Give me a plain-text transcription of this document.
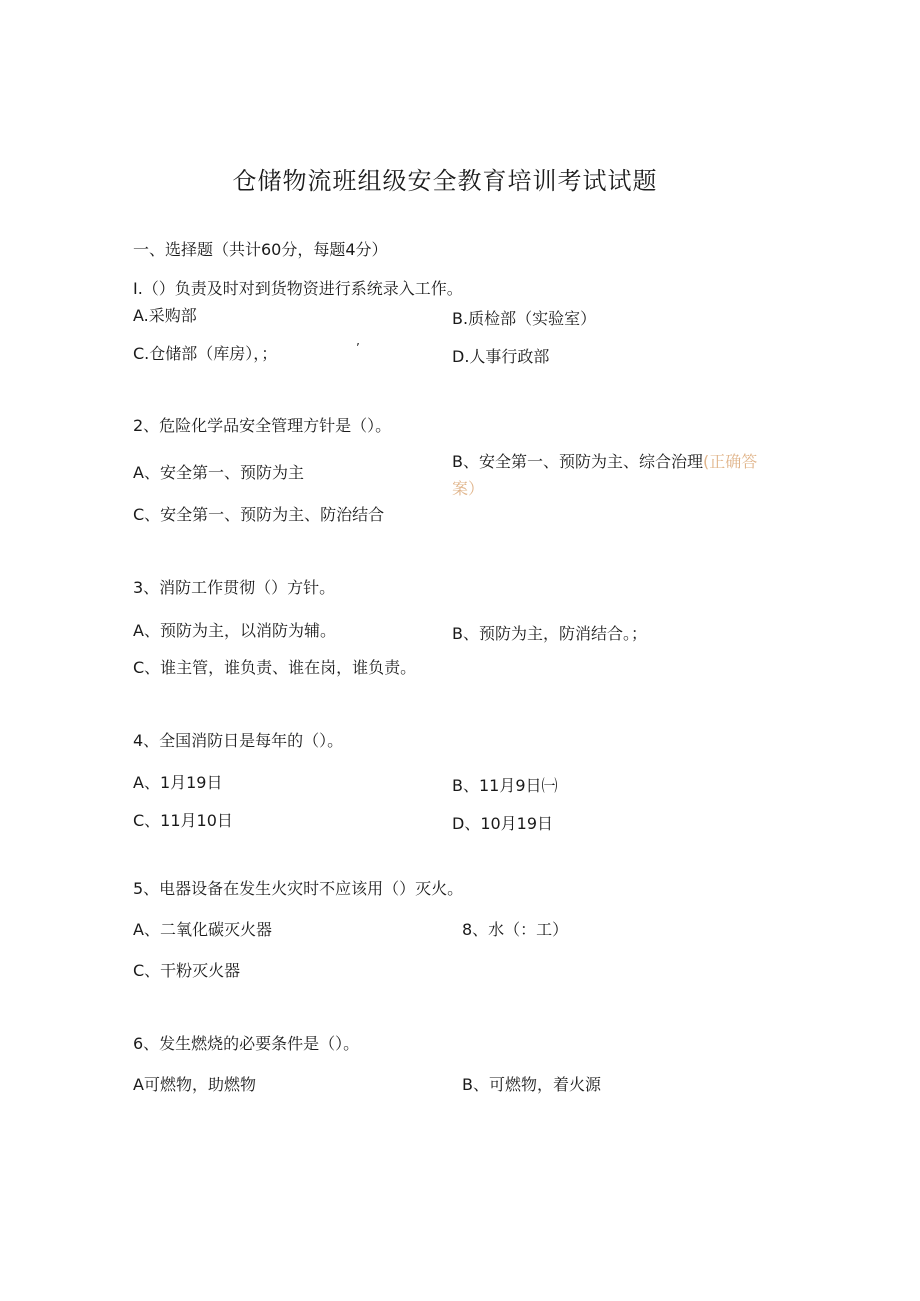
仓储物流班组级安全教育培训考试试题
一、选择题（共计60分，每题4分）
I.（）负责及时对到货物资进行系统录入工作。
A.采购部	B.质检部（实验室）
C.仓储部（库房），；	’	D.人事行政部
2、危险化学品安全管理方针是（）。
A、安全第一、预防为主
B、安全第一、预防为主、综合治理(正确答
案）
C、安全第一、预防为主、防治结合
3、消防工作贯彻（）方针。
A、预防为主，以消防为辅。	B、预防为主，防消结合。；
C、谁主管，谁负责、谁在岗，谁负责。
4、全国消防日是每年的（）。
A、1月19日	B、11月9日㈠
C、11月10日	D、10月19日
5、电器设备在发生火灾时不应该用（）灭火。
A、二氧化碳灭火器	8、水（：工）
C、干粉灭火器
6、发生燃烧的必要条件是（）。
A可燃物，助燃物	B、可燃物，着火源
